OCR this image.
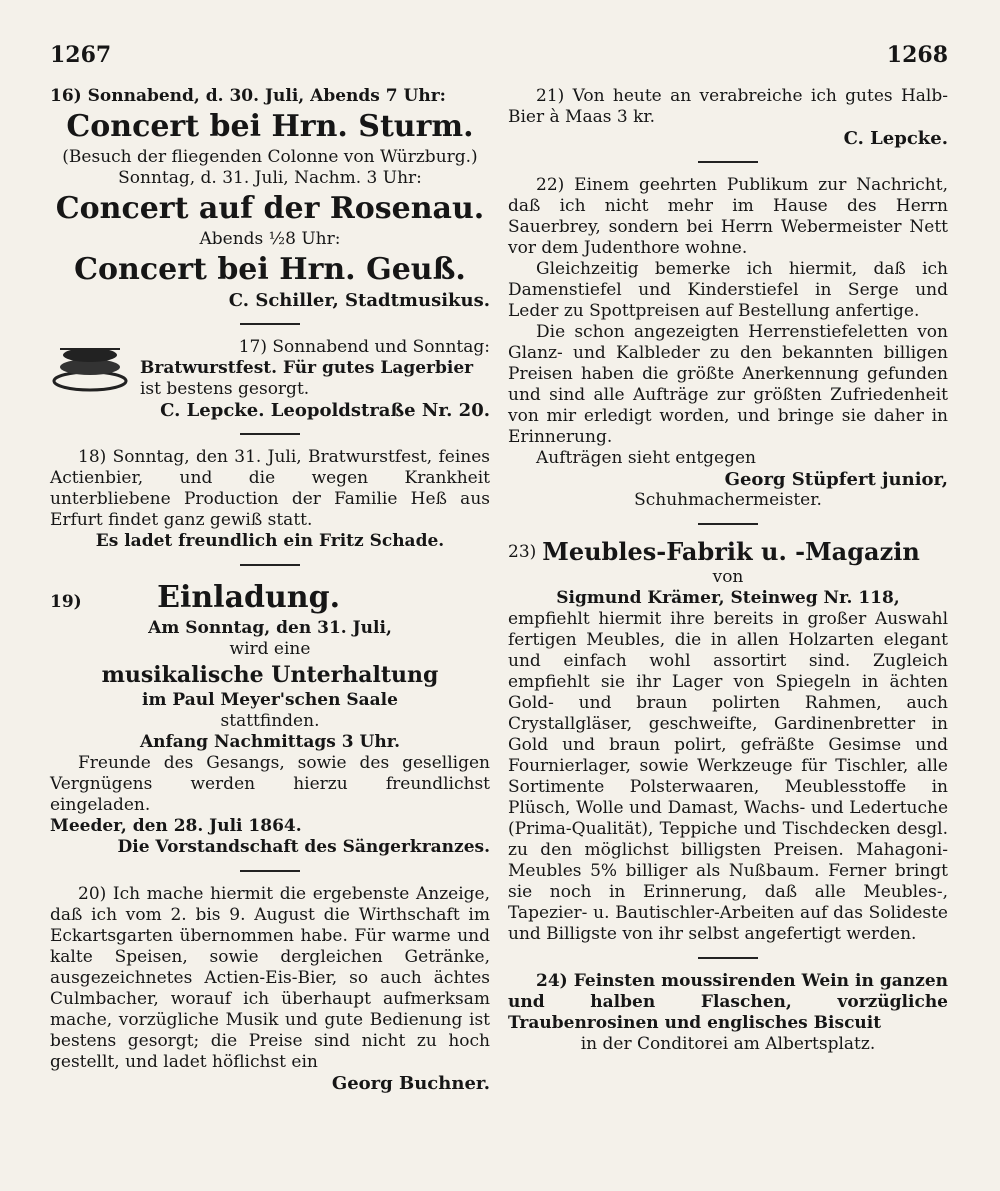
1267	1268

16) Sonnabend, d. 30. Juli, Abends 7 Uhr:

Concert bei Hrn. Sturm.

(Besuch der fliegenden Colonne von Würzburg.)

Sonntag, d. 31. Juli, Nachm. 3 Uhr:

Concert auf der Rosenau.

Abends ½8 Uhr:

Concert bei Hrn. Geuß.

C. Schiller, Stadtmusikus.

17) Sonnabend und Sonntag:

Bratwurstfest. Für gutes Lagerbier

ist bestens gesorgt.

C. Lepcke. Leopoldstraße Nr. 20.

18) Sonntag, den 31. Juli, Bratwurstfest, feines Actienbier, und die wegen Krankheit unterbliebene Production der Familie Heß aus Erfurt findet ganz gewiß statt.

Es ladet freundlich ein Fritz Schade.

19)	Einladung.

Am Sonntag, den 31. Juli,

wird eine

musikalische Unterhaltung

im Paul Meyer'schen Saale

stattfinden.

Anfang Nachmittags 3 Uhr.

Freunde des Gesangs, sowie des geselligen Vergnügens werden hierzu freundlichst eingeladen.

Meeder, den 28. Juli 1864.

Die Vorstandschaft des Sängerkranzes.

20) Ich mache hiermit die ergebenste Anzeige, daß ich vom 2. bis 9. August die Wirthschaft im Eckartsgarten übernommen habe. Für warme und kalte Speisen, sowie dergleichen Getränke, ausgezeichnetes Actien-Eis-Bier, so auch ächtes Culmbacher, worauf ich überhaupt aufmerksam mache, vorzügliche Musik und gute Bedienung ist bestens gesorgt; die Preise sind nicht zu hoch gestellt, und ladet höflichst ein

Georg Buchner.

21) Von heute an verabreiche ich gutes Halb-Bier à Maas 3 kr.

C. Lepcke.

22) Einem geehrten Publikum zur Nachricht, daß ich nicht mehr im Hause des Herrn Sauerbrey, sondern bei Herrn Webermeister Nett vor dem Judenthore wohne.

Gleichzeitig bemerke ich hiermit, daß ich Damenstiefel und Kinderstiefel in Serge und Leder zu Spottpreisen auf Bestellung anfertige.

Die schon angezeigten Herrenstiefeletten von Glanz- und Kalbleder zu den bekannten billigen Preisen haben die größte Anerkennung gefunden und sind alle Aufträge zur größten Zufriedenheit von mir erledigt worden, und bringe sie daher in Erinnerung.

Aufträgen sieht entgegen

Georg Stüpfert junior,

Schuhmachermeister.

23) Meubles-Fabrik u. -Magazin

von

Sigmund Krämer, Steinweg Nr. 118,

empfiehlt hiermit ihre bereits in großer Auswahl fertigen Meubles, die in allen Holzarten elegant und einfach wohl assortirt sind. Zugleich empfiehlt sie ihr Lager von Spiegeln in ächten Gold- und braun polirten Rahmen, auch Crystallgläser, geschweifte, Gardinenbretter in Gold und braun polirt, gefräßte Gesimse und Fournierlager, sowie Werkzeuge für Tischler, alle Sortimente Polsterwaaren, Meublesstoffe in Plüsch, Wolle und Damast, Wachs- und Ledertuche (Prima-Qualität), Teppiche und Tischdecken desgl. zu den möglichst billigsten Preisen. Mahagoni-Meubles 5% billiger als Nußbaum. Ferner bringt sie noch in Erinnerung, daß alle Meubles-, Tapezier- u. Bautischler-Arbeiten auf das Solideste und Billigste von ihr selbst angefertigt werden.

24) Feinsten moussirenden Wein in ganzen und halben Flaschen, vorzügliche Traubenrosinen und englisches Biscuit

in der Conditorei am Albertsplatz.
